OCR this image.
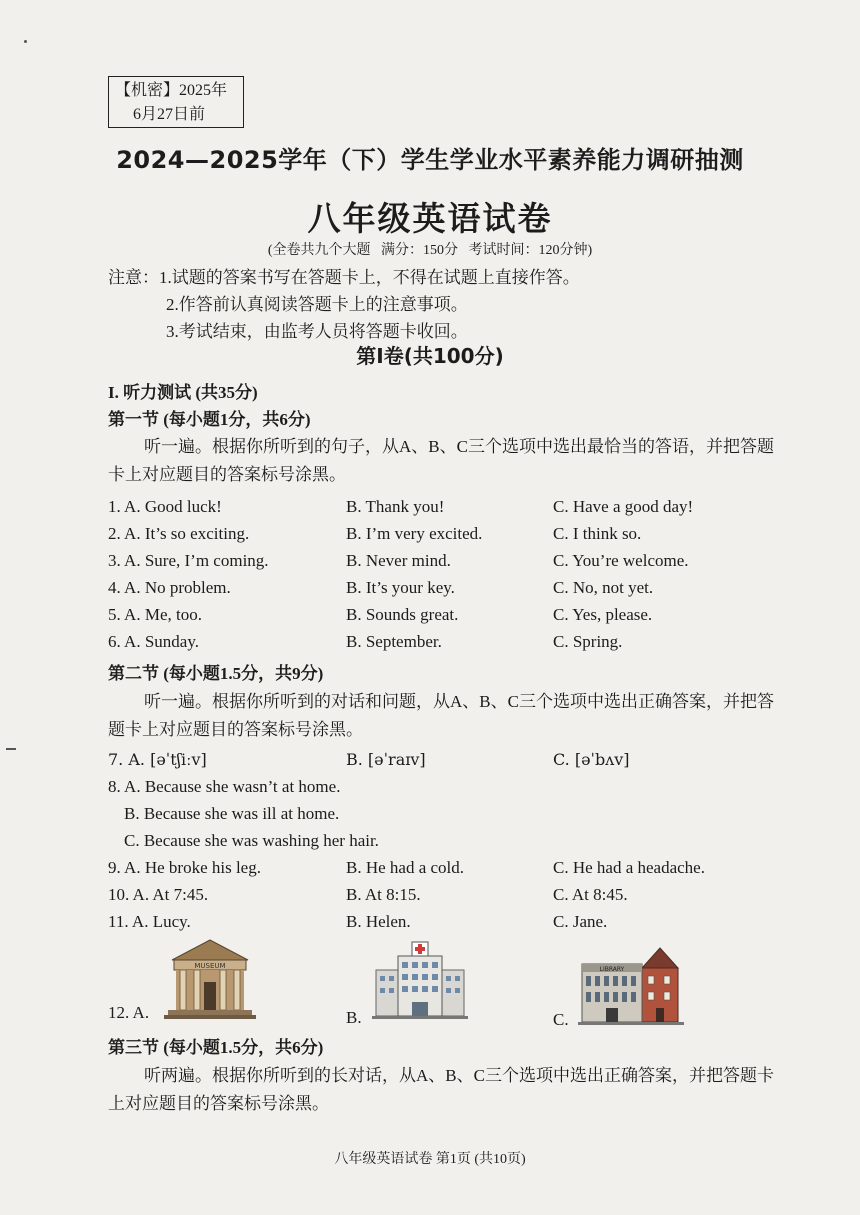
【机密】2025年
6月27日前
2024—2025学年（下）学生学业水平素养能力调研抽测
八年级英语试卷
(全卷共九个大题   满分：150分   考试时间：120分钟)
注意：1.试题的答案书写在答题卡上，不得在试题上直接作答。
2.作答前认真阅读答题卡上的注意事项。
3.考试结束，由监考人员将答题卡收回。
第Ⅰ卷(共100分)
I. 听力测试 (共35分)
第一节 (每小题1分，共6分)
听一遍。根据你所听到的句子，从A、B、C三个选项中选出最恰当的答语，并把答题卡上对应题目的答案标号涂黑。
1. A. Good luck!	B. Thank you!	C. Have a good day!
2. A. It’s so exciting.	B. I’m very excited.	C. I think so.
3. A. Sure, I’m coming.	B. Never mind.	C. You’re welcome.
4. A. No problem.	B. It’s your key.	C. No, not yet.
5. A. Me, too.	B. Sounds great.	C. Yes, please.
6. A. Sunday.	B. September.	C. Spring.
第二节 (每小题1.5分，共9分)
听一遍。根据你所听到的对话和问题，从A、B、C三个选项中选出正确答案，并把答题卡上对应题目的答案标号涂黑。
7. A. [əˈtʃiːv]	B. [əˈraɪv]	C. [əˈbʌv]
8. A. Because she wasn’t at home.
B. Because she was ill at home.
C. Because she was washing her hair.
9. A. He broke his leg.	B. He had a cold.	C. He had a headache.
10. A. At 7:45.	B. At 8:15.	C. At 8:45.
11. A. Lucy.	B. Helen.	C. Jane.
12. A.
MUSEUM
B.	C.
LIBRARY
第三节 (每小题1.5分，共6分)
听两遍。根据你所听到的长对话，从A、B、C三个选项中选出正确答案，并把答题卡上对应题目的答案标号涂黑。
八年级英语试卷 第1页 (共10页)
